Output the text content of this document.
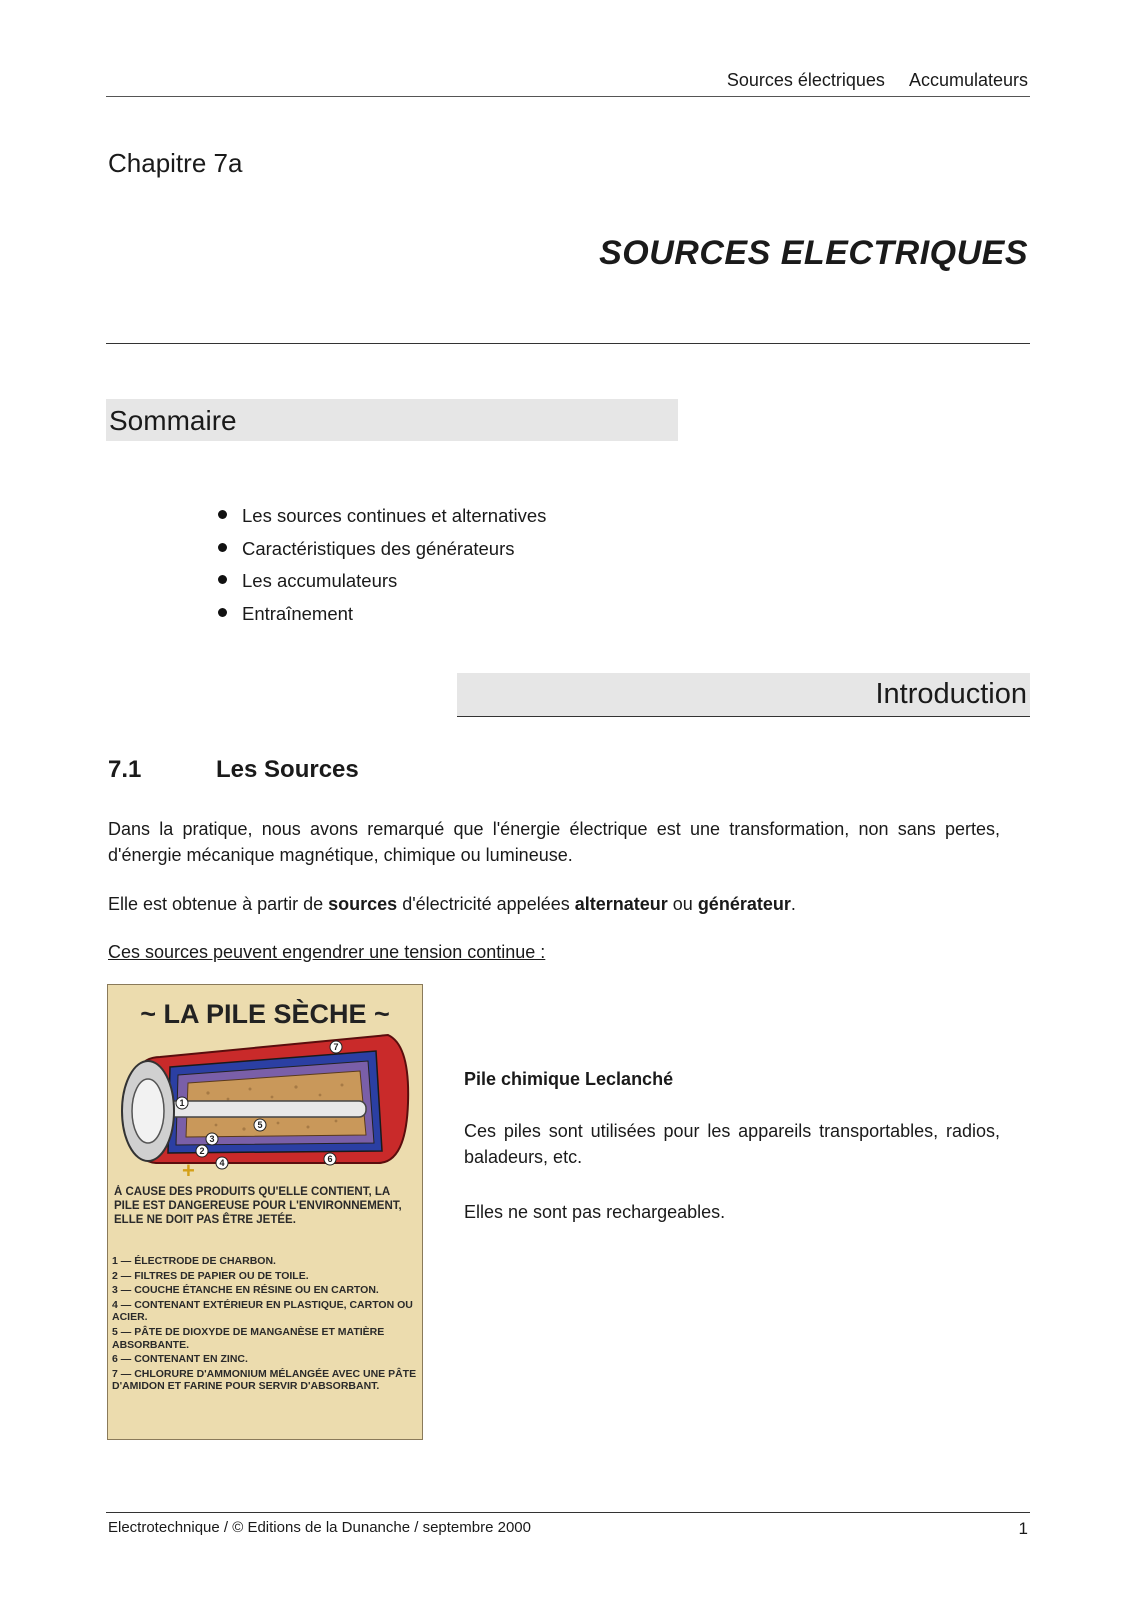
Sources électriques Accumulateurs
Chapitre 7a
SOURCES ELECTRIQUES
Sommaire
Les sources continues et alternatives
Caractéristiques des générateurs
Les accumulateurs
Entraînement
Introduction
7.1	Les Sources
Dans la pratique, nous avons remarqué que l'énergie électrique est une transformation, non sans pertes, d'énergie mécanique magnétique, chimique ou lumineuse.
Elle est obtenue à partir de sources d'électricité appelées alternateur ou générateur.
Ces sources peuvent engendrer une tension continue :
~ LA PILE SÈCHE ~
+
1
2
3
4
5
6
7
À CAUSE DES PRODUITS QU'ELLE CONTIENT, LA PILE EST DANGEREUSE POUR L'ENVIRONNEMENT, ELLE NE DOIT PAS ÊTRE JETÉE.
1 — ÉLECTRODE DE CHARBON.
2 — FILTRES DE PAPIER OU DE TOILE.
3 — COUCHE ÉTANCHE EN RÉSINE OU EN CARTON.
4 — CONTENANT EXTÉRIEUR EN PLASTIQUE, CARTON OU ACIER.
5 — PÂTE DE DIOXYDE DE MANGANÈSE ET MATIÈRE ABSORBANTE.
6 — CONTENANT EN ZINC.
7 — CHLORURE D'AMMONIUM MÉLANGÉE AVEC UNE PÂTE D'AMIDON ET FARINE POUR SERVIR D'ABSORBANT.
Pile chimique Leclanché
Ces piles sont utilisées pour les appareils transportables, radios, baladeurs, etc.
Elles ne sont pas rechargeables.
Electrotechnique / © Editions de la Dunanche / septembre 2000	1
